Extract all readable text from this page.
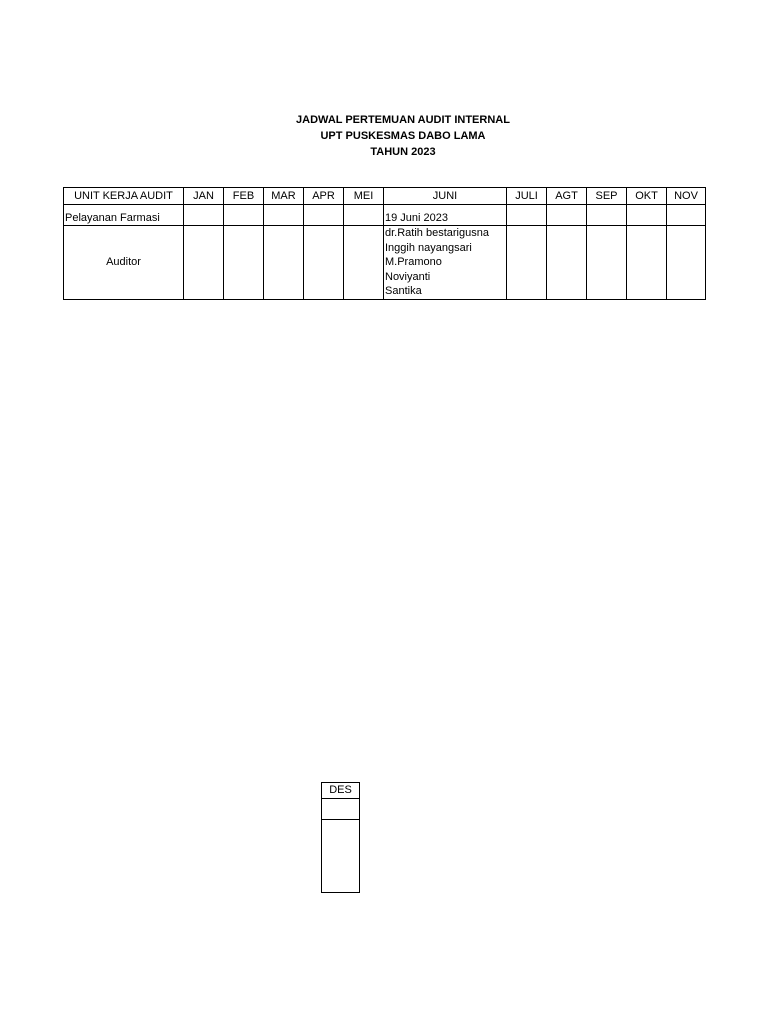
JADWAL PERTEMUAN AUDIT INTERNAL
UPT PUSKESMAS DABO LAMA
TAHUN 2023
UNIT KERJA AUDIT	JAN	FEB	MAR	APR	MEI	JUNI	JULI	AGT	SEP	OKT	NOV
Pelayanan Farmasi						19 Juni 2023					
Auditor						dr.Ratih bestarigusna
Inggih nayangsari
M.Pramono
Noviyanti
Santika					

DES
